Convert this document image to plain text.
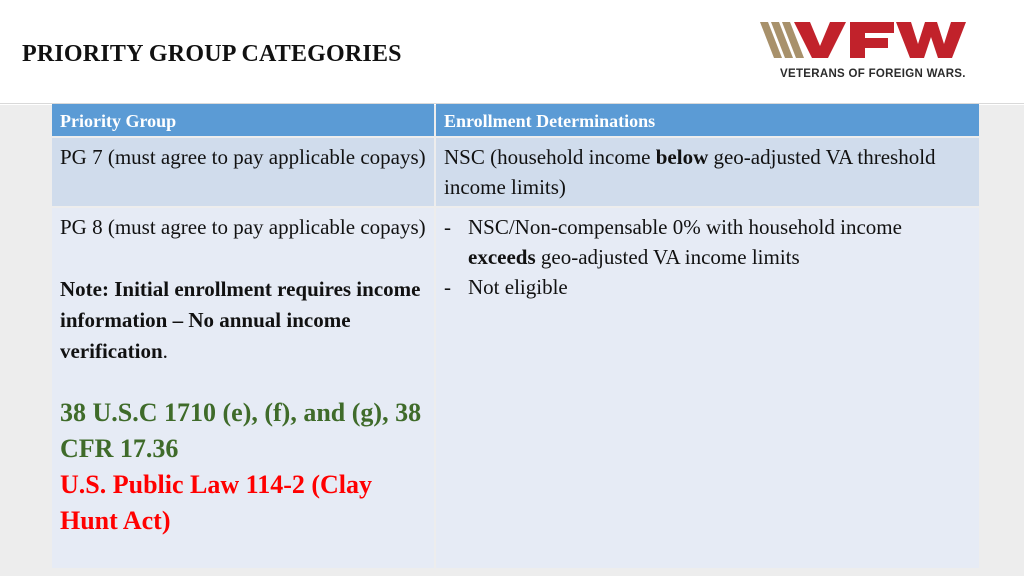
PRIORITY GROUP CATEGORIES
VETERANS OF FOREIGN WARS.
Priority Group	Enrollment Determinations
PG 7 (must agree to pay applicable copays) NSC (household income below geo-adjusted VA threshold income limits)
PG 8 (must agree to pay applicable copays)
Note: Initial enrollment requires income information – No annual income verification.
38 U.S.C 1710 (e), (f), and (g), 38 CFR 17.36
U.S. Public Law 114-2 (Clay Hunt Act)
- NSC/Non-compensable 0% with household income exceeds geo-adjusted VA income limits
- Not eligible
